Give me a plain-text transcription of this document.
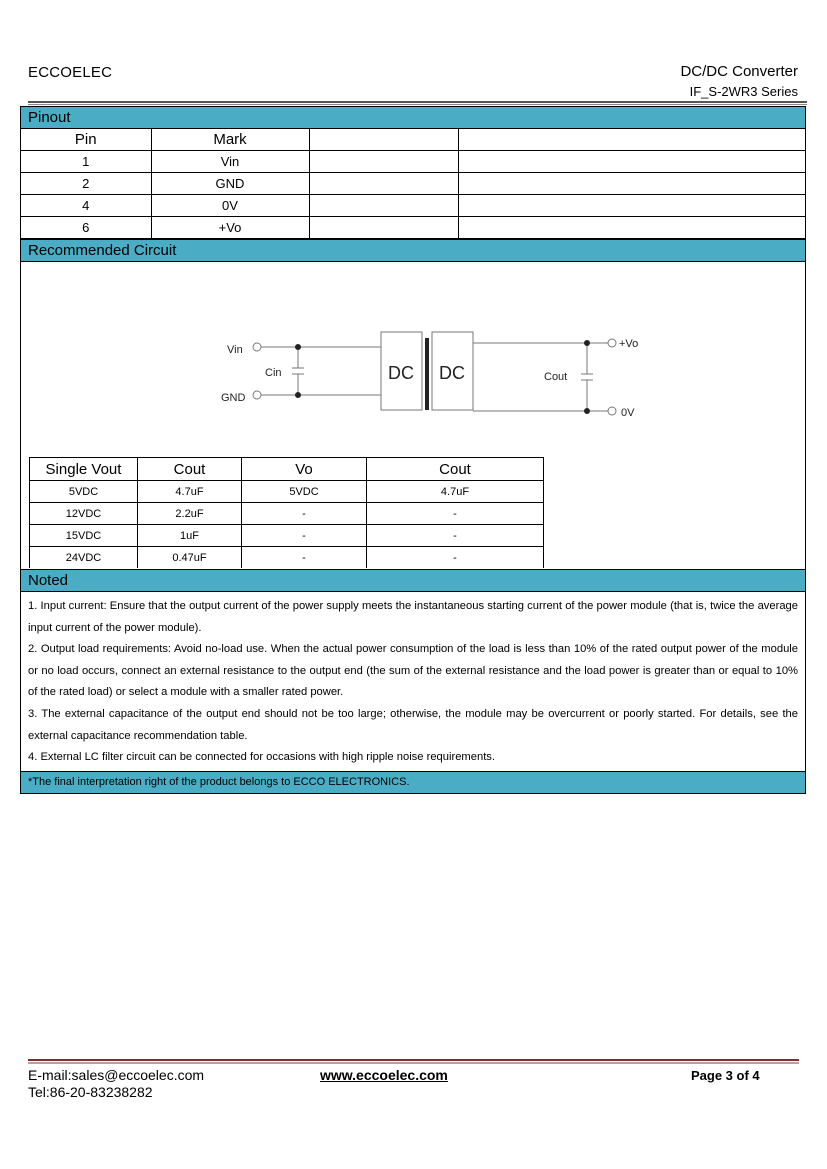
ECCOELEC	DC/DC Converter
IF_S-2WR3 Series
Pinout
Pin	Mark		
1	Vin		
2	GND		
4	0V		
6	+Vo		
Recommended Circuit
Vin
GND
Cin	Cout
+Vo
0V
DC DC
Single Vout	Cout	Vo	Cout
5VDC	4.7uF	5VDC	4.7uF
12VDC	2.2uF	-	-
15VDC	1uF	-	-
24VDC	0.47uF	-	-
Noted

1. Input current: Ensure that the output current of the power supply meets the instantaneous starting current of the power module (that is, twice the average input current of the power module).

2. Output load requirements: Avoid no-load use. When the actual power consumption of the load is less than 10% of the rated output power of the module or no load occurs, connect an external resistance to the output end (the sum of the external resistance and the load power is greater than or equal to 10% of the rated load) or select a module with a smaller rated power.

3. The external capacitance of the output end should not be too large; otherwise, the module may be overcurrent or poorly started. For details, see the external capacitance recommendation table.

4. External LC filter circuit can be connected for occasions with high ripple noise requirements.

*The final interpretation right of the product belongs to ECCO ELECTRONICS.
E-mail:sales@eccoelec.com
Tel:86-20-83238282
www.eccoelec.com	Page 3 of 4
